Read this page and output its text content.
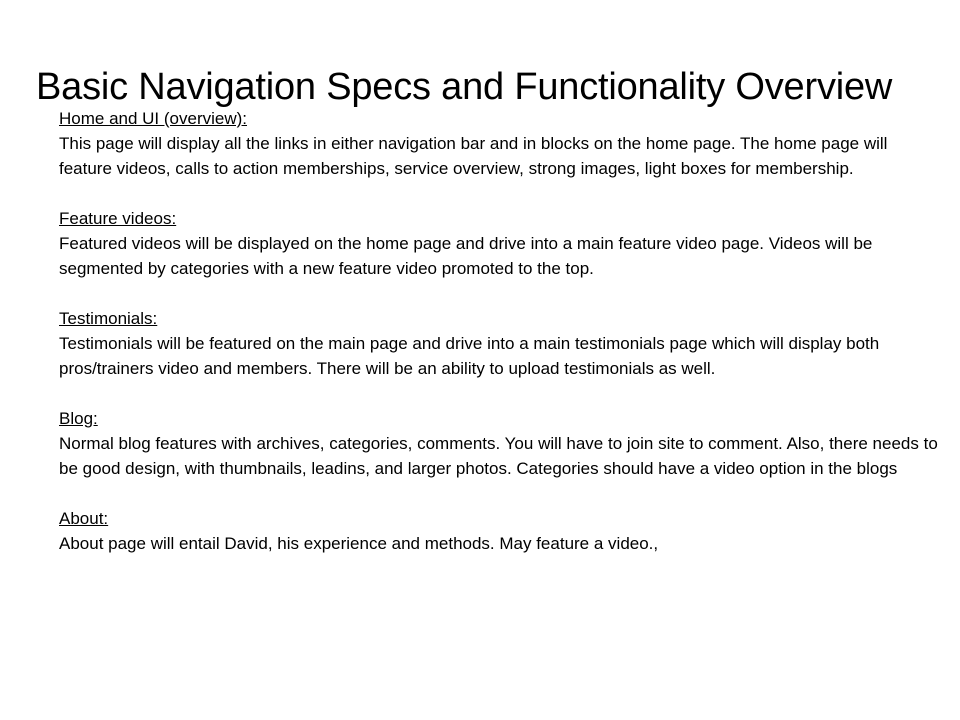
Basic Navigation Specs and Functionality Overview
Home and UI (overview):
This page will display all the links in either navigation bar and in blocks on the home page. The home page will feature videos, calls to action memberships, service overview, strong images, light boxes for membership.
Feature videos:
Featured videos will be displayed on the home page and drive into a main feature video page. Videos will be segmented by categories with a new feature video promoted to the top.
Testimonials:
Testimonials will be featured on the main page and drive into a main testimonials page which will display both pros/trainers video and members. There will be an ability to upload testimonials as well.
Blog:
Normal blog features with archives, categories, comments. You will have to join site to comment. Also, there needs to be good design, with thumbnails, leadins, and larger photos. Categories should have a video option in the blogs
About:
About page will entail David, his experience and methods. May feature a video.,
